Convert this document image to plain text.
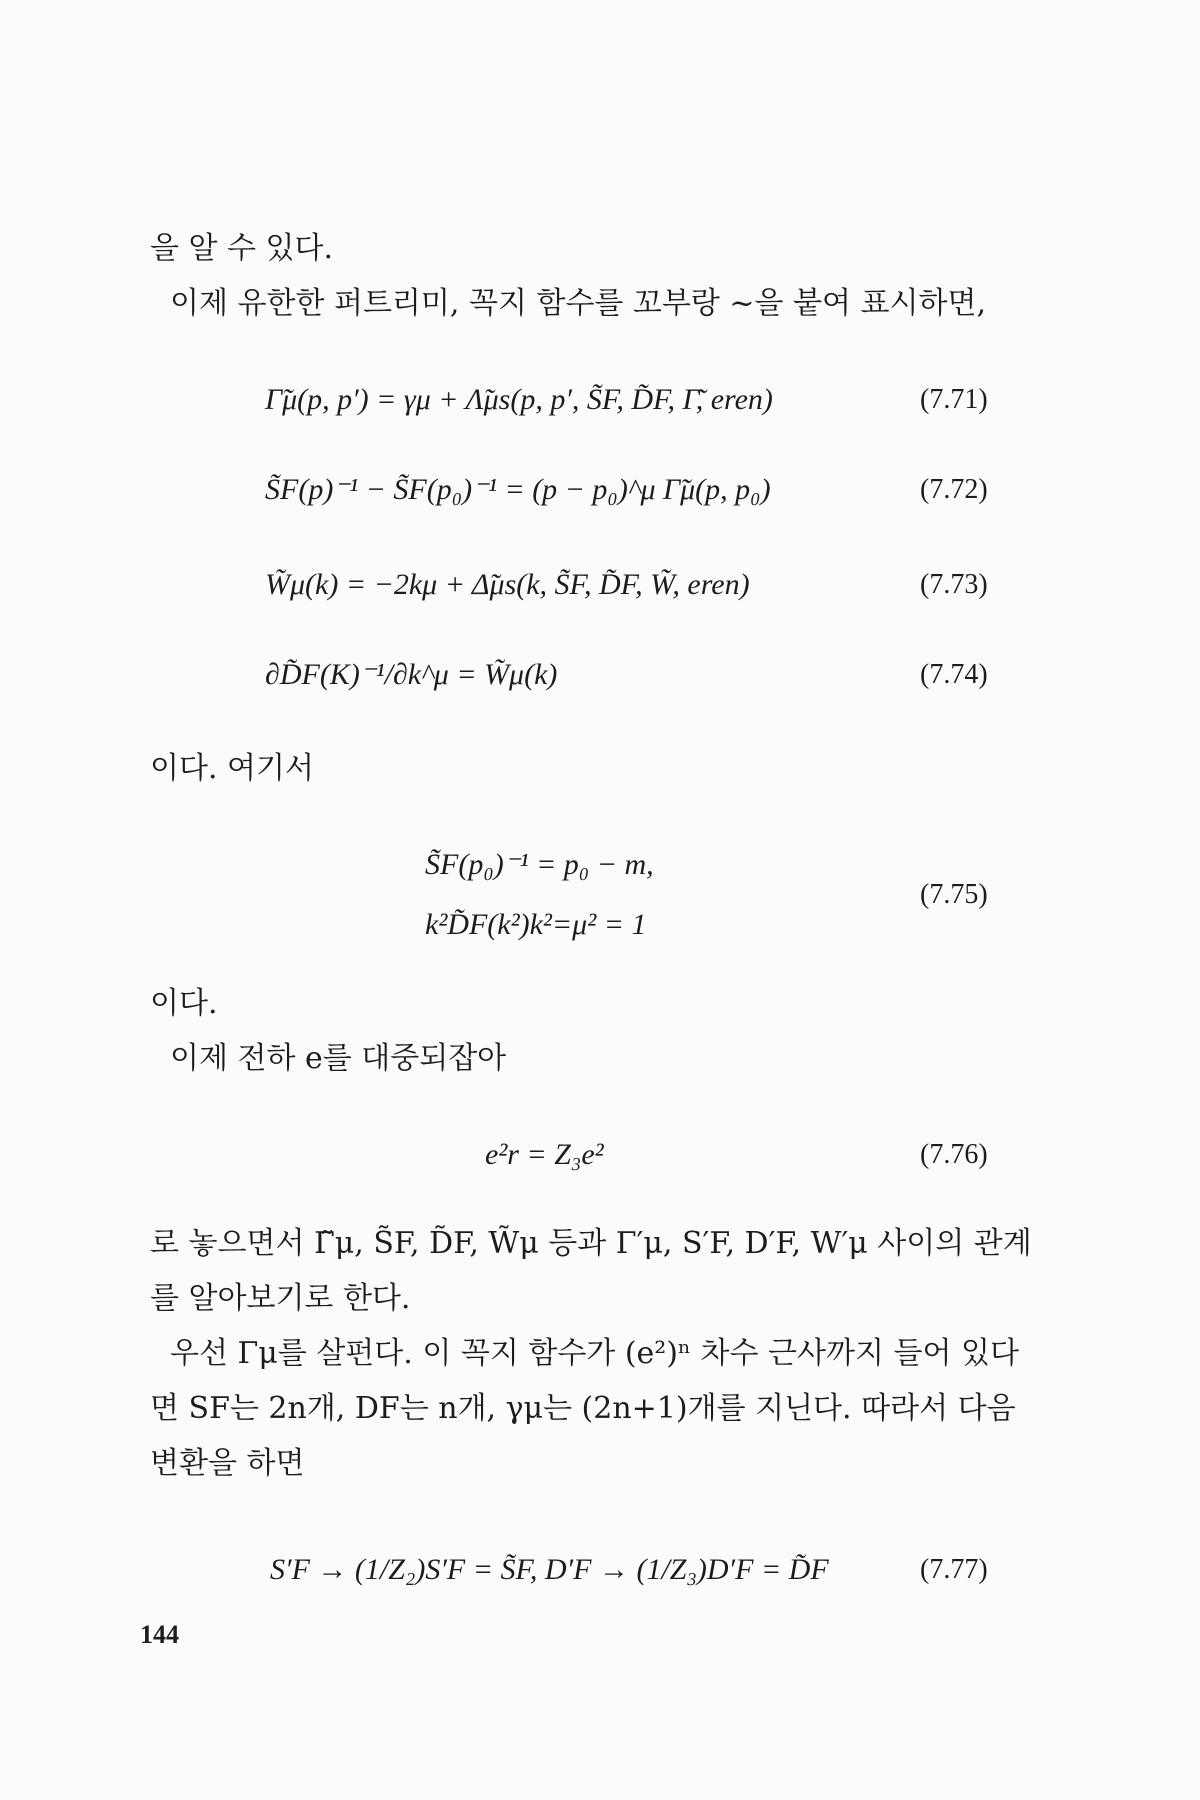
을 알 수 있다.
이제 유한한 퍼트리미, 꼭지 함수를 꼬부랑 ~을 붙여 표시하면,
Γ̃μ(p, p′) = γμ + Λ̃μs(p, p′, S̃F, D̃F, Γ̃, eren)	(7.71)
S̃F(p)⁻¹ − S̃F(p₀)⁻¹ = (p − p₀)^μ Γ̃μ(p, p₀)	(7.72)
W̃μ(k) = −2kμ + Δ̃μs(k, S̃F, D̃F, W̃, eren)	(7.73)
∂D̃F(K)⁻¹/∂k^μ = W̃μ(k)	(7.74)
이다. 여기서
S̃F(p₀)⁻¹ = p₀ − m,
k²D̃F(k²)k²=μ² = 1
(7.75)
이다.
이제 전하 e를 대중되잡아
e²r = Z₃e²	(7.76)
로 놓으면서 Γ̃μ, S̃F, D̃F, W̃μ 등과 Γ′μ, S′F, D′F, W′μ 사이의 관계
를 알아보기로 한다.
우선 Γμ를 살펀다. 이 꼭지 함수가 (e²)ⁿ 차수 근사까지 들어 있다
면 SF는 2n개, DF는 n개, γμ는 (2n+1)개를 지닌다. 따라서 다음
변환을 하면
S′F → (1/Z₂)S′F = S̃F, D′F → (1/Z₃)D′F = D̃F	(7.77)
144
